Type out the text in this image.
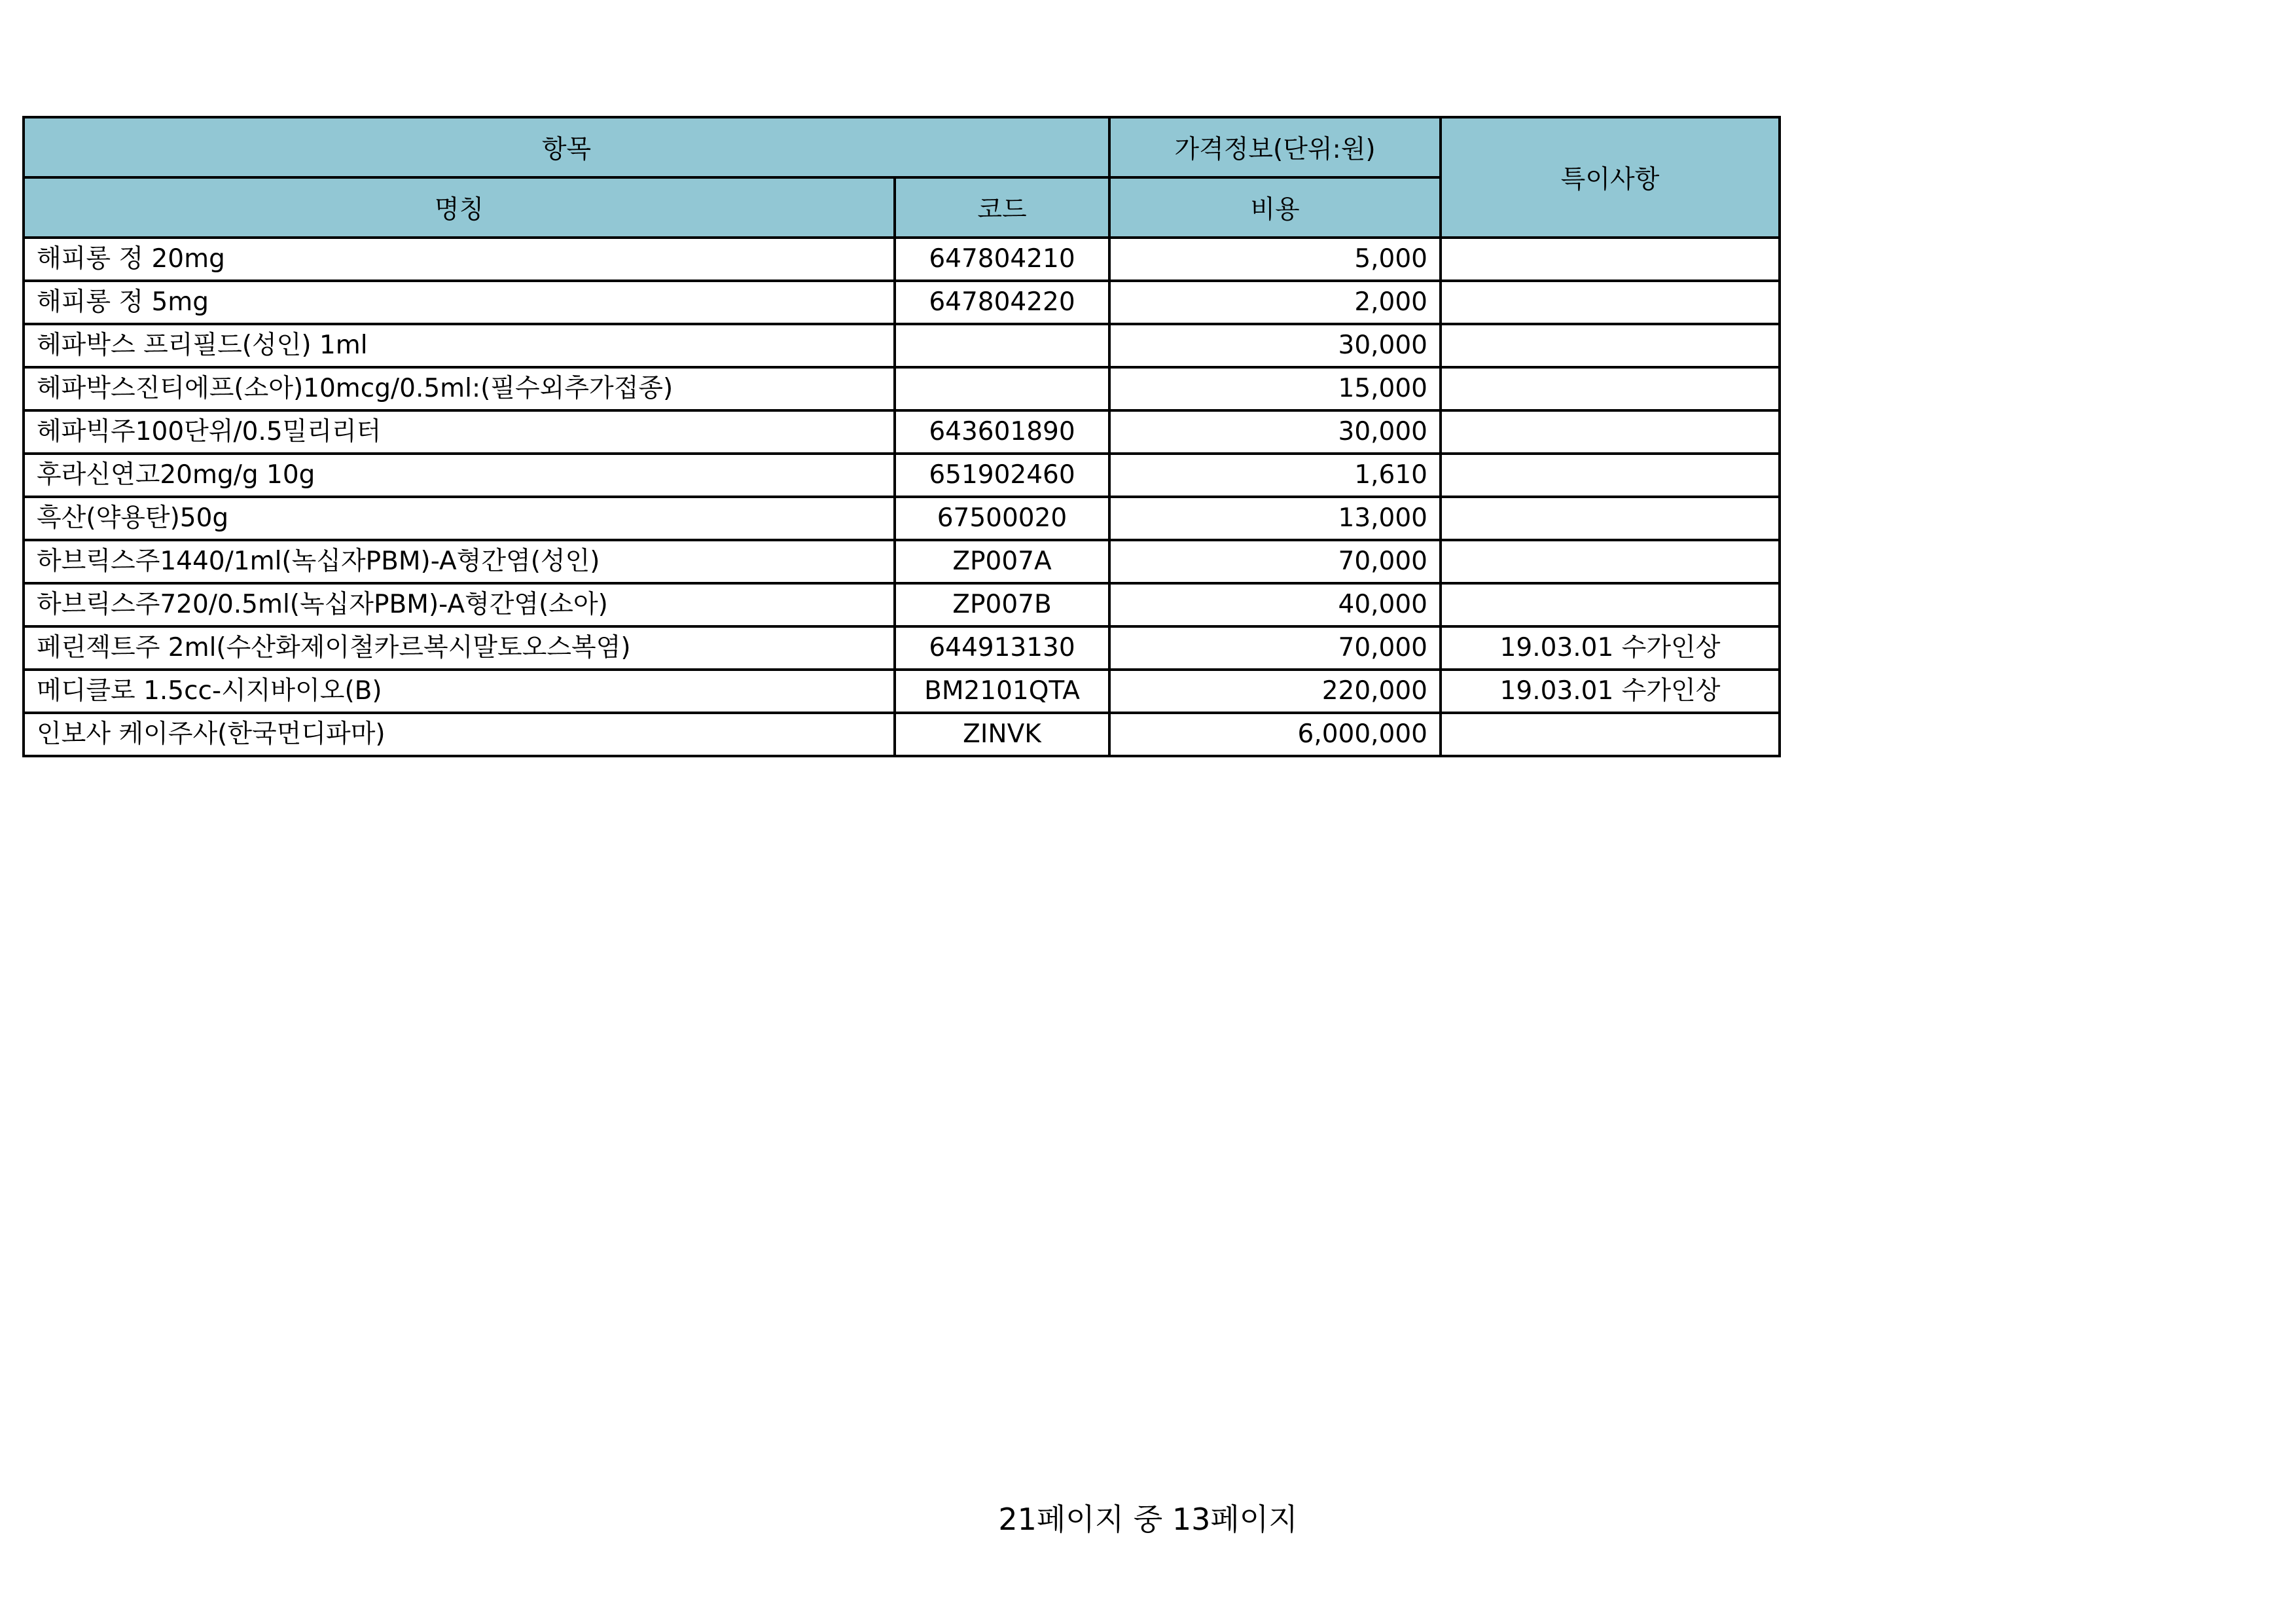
항목		가격정보(단위:원)	특이사항
명칭	코드	비용	
해피롱 정 20mg	647804210	5,000	
해피롱 정 5mg	647804220	2,000	
헤파박스 프리필드(성인) 1ml		30,000	
헤파박스진티에프(소아)10mcg/0.5ml:(필수외추가접종)		15,000	
헤파빅주100단위/0.5밀리리터	643601890	30,000	
후라신연고20mg/g 10g	651902460	1,610	
흑산(약용탄)50g	67500020	13,000	
하브릭스주1440/1ml(녹십자PBM)-A형간염(성인)	ZP007A	70,000	
하브릭스주720/0.5ml(녹십자PBM)-A형간염(소아)	ZP007B	40,000	
페린젝트주 2ml(수산화제이철카르복시말토오스복염)	644913130	70,000	19.03.01 수가인상
메디클로 1.5cc-시지바이오(B)	BM2101QTA	220,000	19.03.01 수가인상
인보사 케이주사(한국먼디파마)	ZINVK	6,000,000	
21페이지 중 13페이지
